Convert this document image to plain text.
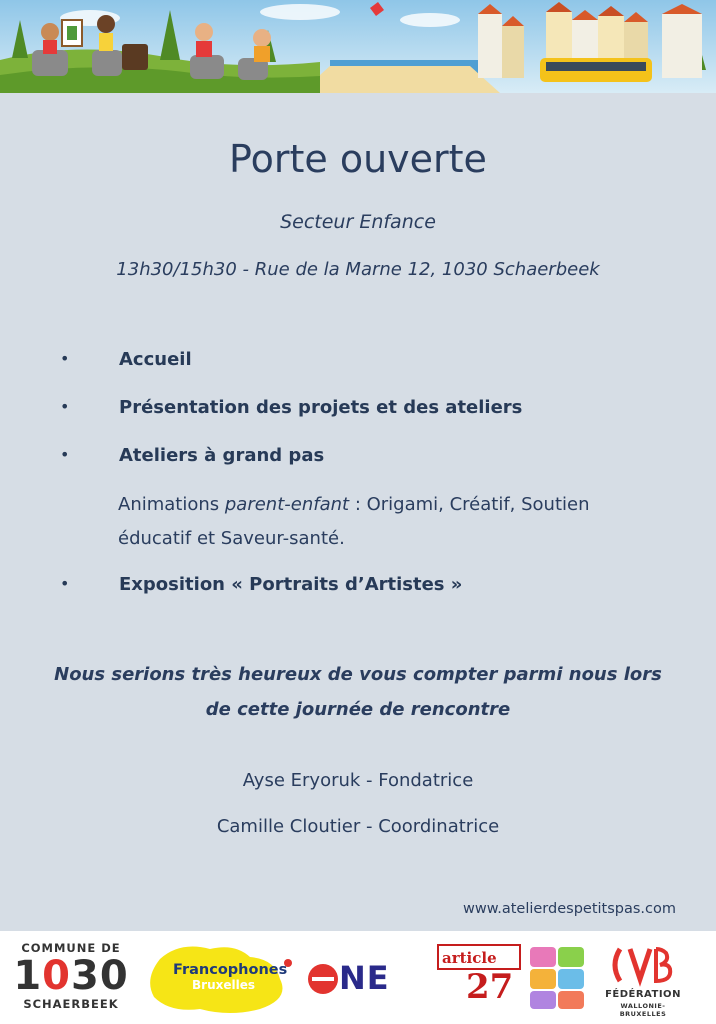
Porte ouverte
Secteur Enfance
13h30/15h30 - Rue de la Marne 12, 1030 Schaerbeek
•	Accueil
•	Présentation des projets et des ateliers
•	Ateliers à grand pas
Animations parent-enfant : Origami, Créatif, Soutien
éducatif et Saveur-santé.
•	Exposition « Portraits d’Artistes »
Nous serions très heureux de vous compter parmi nous lors
de cette journée de rencontre
Ayse Eryoruk - Fondatrice
Camille Cloutier - Coordinatrice
www.atelierdespetitspas.com
COMMUNE DE
1030
SCHAERBEEK
Francophones
Bruxelles	NE
article
27	FÉDÉRATION
WALLONIE-BRUXELLES
